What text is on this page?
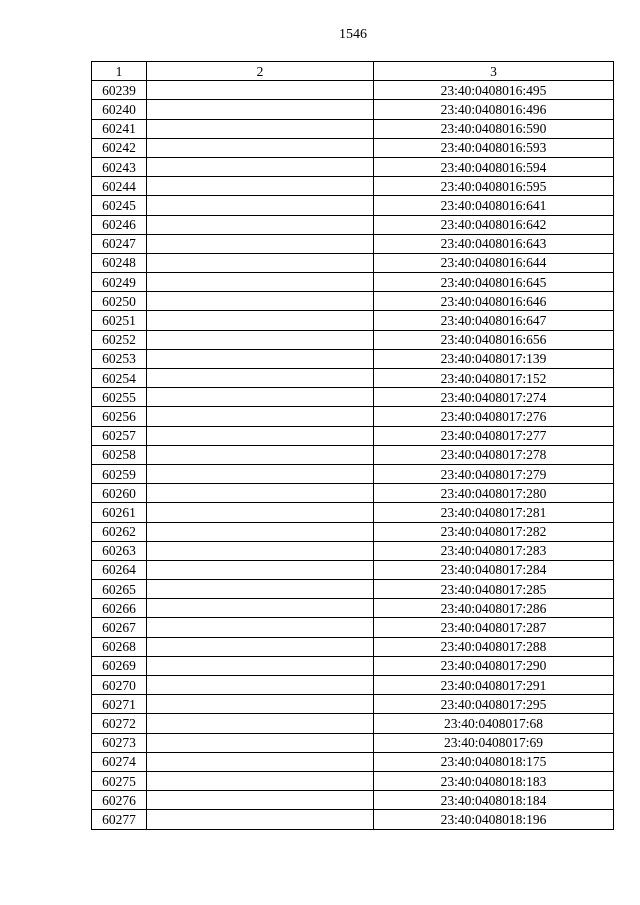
1546
1	2	3
60239		23:40:0408016:495
60240		23:40:0408016:496
60241		23:40:0408016:590
60242		23:40:0408016:593
60243		23:40:0408016:594
60244		23:40:0408016:595
60245		23:40:0408016:641
60246		23:40:0408016:642
60247		23:40:0408016:643
60248		23:40:0408016:644
60249		23:40:0408016:645
60250		23:40:0408016:646
60251		23:40:0408016:647
60252		23:40:0408016:656
60253		23:40:0408017:139
60254		23:40:0408017:152
60255		23:40:0408017:274
60256		23:40:0408017:276
60257		23:40:0408017:277
60258		23:40:0408017:278
60259		23:40:0408017:279
60260		23:40:0408017:280
60261		23:40:0408017:281
60262		23:40:0408017:282
60263		23:40:0408017:283
60264		23:40:0408017:284
60265		23:40:0408017:285
60266		23:40:0408017:286
60267		23:40:0408017:287
60268		23:40:0408017:288
60269		23:40:0408017:290
60270		23:40:0408017:291
60271		23:40:0408017:295
60272		23:40:0408017:68
60273		23:40:0408017:69
60274		23:40:0408018:175
60275		23:40:0408018:183
60276		23:40:0408018:184
60277		23:40:0408018:196
